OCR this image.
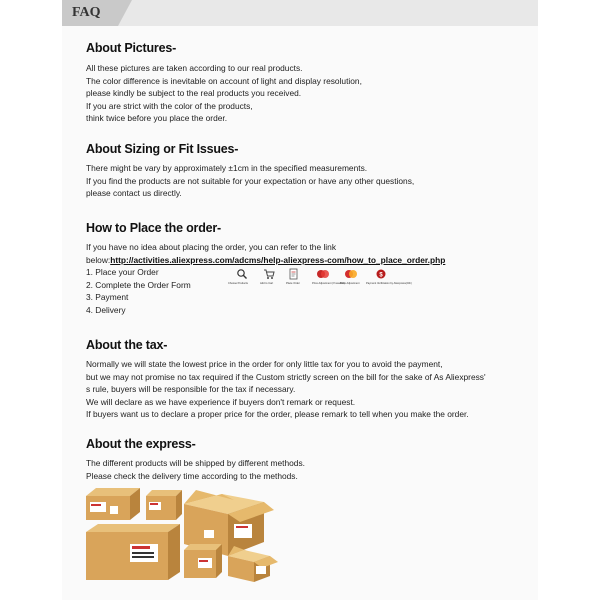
FAQ
About Pictures-
All these pictures are taken according to our real products.
The color difference is inevitable on account of light and display resolution,
please kindly be subject to the real products you received.
If you are strict with the color of the products,
think twice before you place the order.
About Sizing or Fit Issues-
There might be vary by approximately ±1cm in the specified measurements.
If you find the products are not suitable for your expectation or have any other questions,
please contact us directly.
How to Place the order-
If you have no idea about placing the order, you can refer to the link
below:http://activities.aliexpress.com/adcms/help-aliexpress-com/how_to_place_order.php
1. Place your Order
2. Complete the Order Form
3. Payment
4. Delivery
Choose Products	Add to Cart	Place Order	Price Adjustment (If needed)
Price Adjustment
$
Payment Verification by Aliexpress(24h)
About the tax-
Normally we will state the lowest price in the order for only little tax for you to avoid the payment,
but we may not promise no tax required if the Custom strictly screen on the bill for the sake of As Aliexpress'
s rule, buyers will be responsible for the tax if necessary.
We will declare as we have experience if buyers don't remark or request.
If buyers want us to declare a proper price for the order, please remark to tell when you make the order.
About the express-
The different products will be shipped by different methods.
Please check the delivery time according to the methods.
